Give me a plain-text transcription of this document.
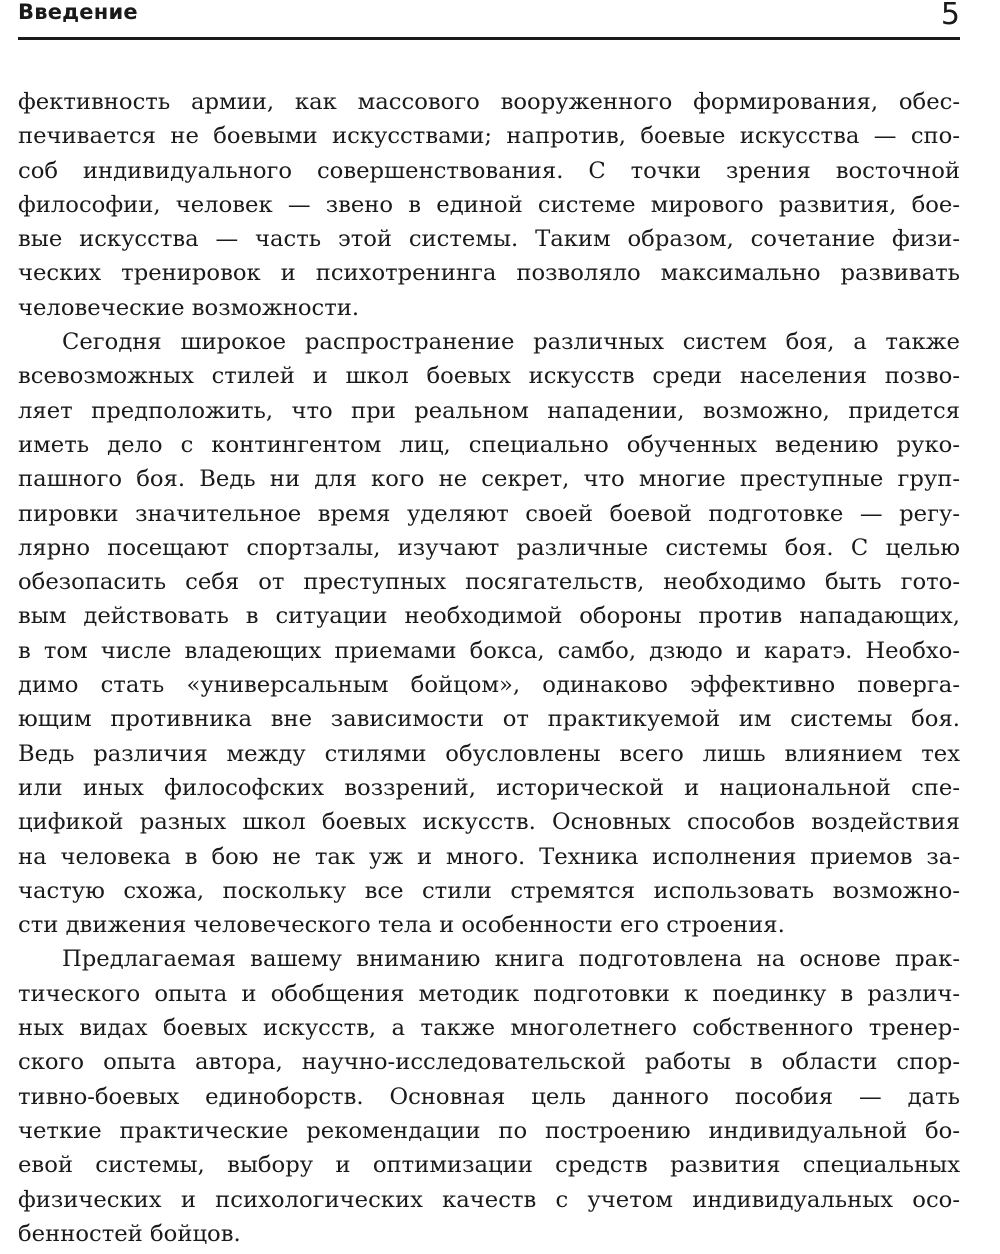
Введение	5
фективность армии, как массового вооруженного формирования, обес-
печивается не боевыми искусствами; напротив, боевые искусства — спо-
соб индивидуального совершенствования. С точки зрения восточной
философии, человек — звено в единой системе мирового развития, бое-
вые искусства — часть этой системы. Таким образом, сочетание физи-
ческих тренировок и психотренинга позволяло максимально развивать
человеческие возможности.
Сегодня широкое распространение различных систем боя, а также
всевозможных стилей и школ боевых искусств среди населения позво-
ляет предположить, что при реальном нападении, возможно, придется
иметь дело с контингентом лиц, специально обученных ведению руко-
пашного боя. Ведь ни для кого не секрет, что многие преступные груп-
пировки значительное время уделяют своей боевой подготовке — регу-
лярно посещают спортзалы, изучают различные системы боя. С целью
обезопасить себя от преступных посягательств, необходимо быть гото-
вым действовать в ситуации необходимой обороны против нападающих,
в том числе владеющих приемами бокса, самбо, дзюдо и каратэ. Необхо-
димо стать «универсальным бойцом», одинаково эффективно поверга-
ющим противника вне зависимости от практикуемой им системы боя.
Ведь различия между стилями обусловлены всего лишь влиянием тех
или иных философских воззрений, исторической и национальной спе-
цификой разных школ боевых искусств. Основных способов воздействия
на человека в бою не так уж и много. Техника исполнения приемов за-
частую схожа, поскольку все стили стремятся использовать возможно-
сти движения человеческого тела и особенности его строения.
Предлагаемая вашему вниманию книга подготовлена на основе прак-
тического опыта и обобщения методик подготовки к поединку в различ-
ных видах боевых искусств, а также многолетнего собственного тренер-
ского опыта автора, научно-исследовательской работы в области спор-
тивно-боевых единоборств. Основная цель данного пособия — дать
четкие практические рекомендации по построению индивидуальной бо-
евой системы, выбору и оптимизации средств развития специальных
физических и психологических качеств с учетом индивидуальных осо-
бенностей бойцов.
